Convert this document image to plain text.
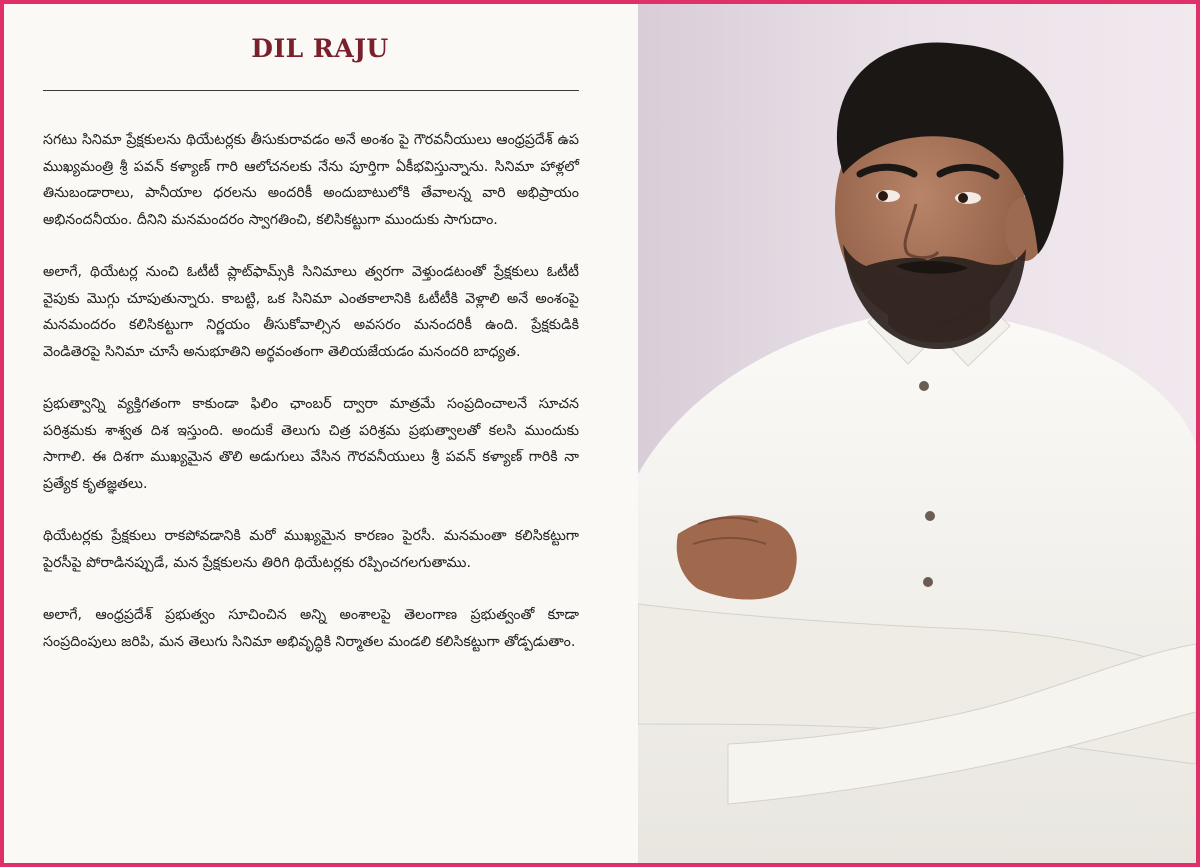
DIL RAJU

సగటు సినిమా ప్రేక్షకులను థియేటర్లకు తీసుకురావడం అనే అంశం పై గౌరవనీయులు ఆంధ్రప్రదేశ్ ఉప ముఖ్యమంత్రి శ్రీ పవన్ కళ్యాణ్ గారి ఆలోచనలకు నేను పూర్తిగా ఏకీభవిస్తున్నాను. సినిమా హాళ్లలో తినుబండారాలు, పానీయాల ధరలను అందరికీ అందుబాటులోకి తేవాలన్న వారి అభిప్రాయం అభినందనీయం. దీనిని మనమందరం స్వాగతించి, కలిసికట్టుగా ముందుకు సాగుదాం.

అలాగే, థియేటర్ల నుంచి ఓటీటీ ప్లాట్‌ఫామ్స్‌కి సినిమాలు త్వరగా వెళ్తుండటంతో ప్రేక్షకులు ఓటీటీ వైపుకు మొగ్గు చూపుతున్నారు. కాబట్టి, ఒక సినిమా ఎంతకాలానికి ఓటీటీకి వెళ్లాలి అనే అంశంపై మనమందరం కలిసికట్టుగా నిర్ణయం తీసుకోవాల్సిన అవసరం మనందరికీ ఉంది. ప్రేక్షకుడికి వెండితెరపై సినిమా చూసే అనుభూతిని అర్థవంతంగా తెలియజేయడం మనందరి బాధ్యత.

ప్రభుత్వాన్ని వ్యక్తిగతంగా కాకుండా ఫిలిం ఛాంబర్ ద్వారా మాత్రమే సంప్రదించాలనే సూచన పరిశ్రమకు శాశ్వత దిశ ఇస్తుంది. అందుకే తెలుగు చిత్ర పరిశ్రమ ప్రభుత్వాలతో కలసి ముందుకు సాగాలి. ఈ దిశగా ముఖ్యమైన తొలి అడుగులు వేసిన గౌరవనీయులు శ్రీ పవన్ కళ్యాణ్ గారికి నా ప్రత్యేక కృతజ్ఞతలు.

థియేటర్లకు ప్రేక్షకులు రాకపోవడానికి మరో ముఖ్యమైన కారణం పైరసీ. మనమంతా కలిసికట్టుగా పైరసీపై పోరాడినప్పుడే, మన ప్రేక్షకులను తిరిగి థియేటర్లకు రప్పించగలగుతాము.

అలాగే, ఆంధ్రప్రదేశ్ ప్రభుత్వం సూచించిన అన్ని అంశాలపై తెలంగాణ ప్రభుత్వంతో కూడా సంప్రదింపులు జరిపి, మన తెలుగు సినిమా అభివృద్ధికి నిర్మాతల మండలి కలిసికట్టుగా తోడ్పడుతాం.
